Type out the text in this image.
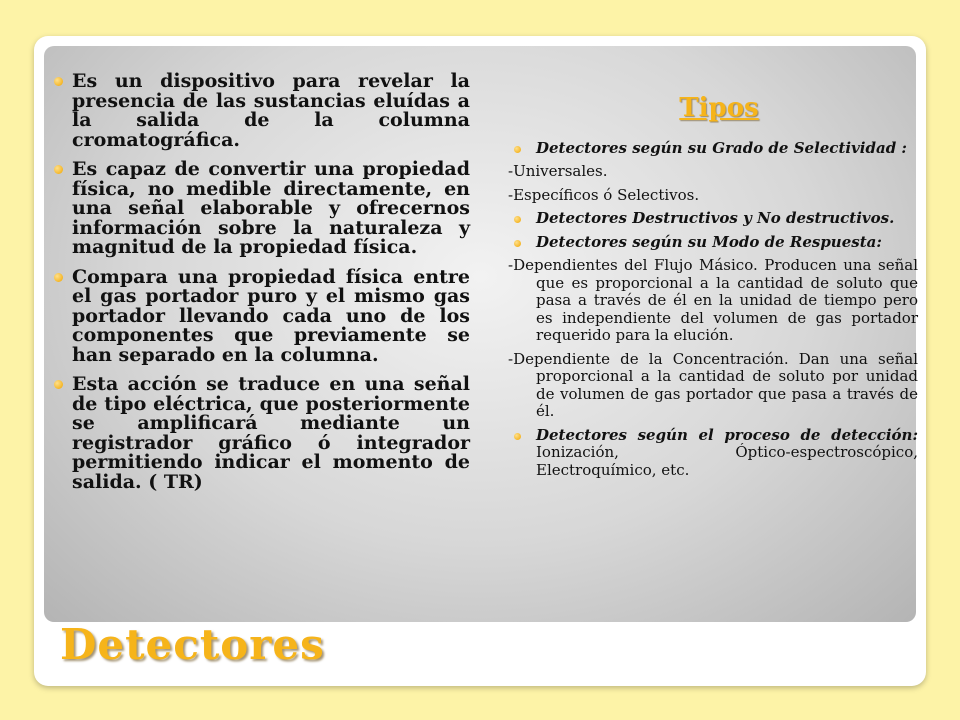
Es un dispositivo para revelar la presencia de las sustancias eluídas a la salida de la columna cromatográfica.
Es capaz de convertir una propiedad física, no medible directamente, en una señal elaborable y ofrecernos información sobre la naturaleza y magnitud de la propiedad física.
Compara una propiedad física entre el gas portador puro y el mismo gas portador llevando cada uno de los componentes que previamente se han separado en la columna.
Esta acción se traduce en una señal de tipo eléctrica, que posteriormente se amplificará mediante un registrador gráfico ó integrador permitiendo indicar el momento de salida. ( TR)
Tipos
Detectores según su Grado de Selectividad :
-Universales.
-Específicos ó Selectivos.
Detectores Destructivos y No destructivos.
Detectores según su Modo de Respuesta:
-Dependientes del Flujo Másico. Producen una señal que es proporcional a la cantidad de soluto que pasa a través de él en la unidad de tiempo pero es independiente del volumen de gas portador requerido para la elución.
-Dependiente de la Concentración. Dan una señal proporcional a la cantidad de soluto por unidad de volumen de gas portador que pasa a través de él.
Detectores según el proceso de detección: Ionización, Óptico-espectroscópico, Electroquímico, etc.
Detectores
